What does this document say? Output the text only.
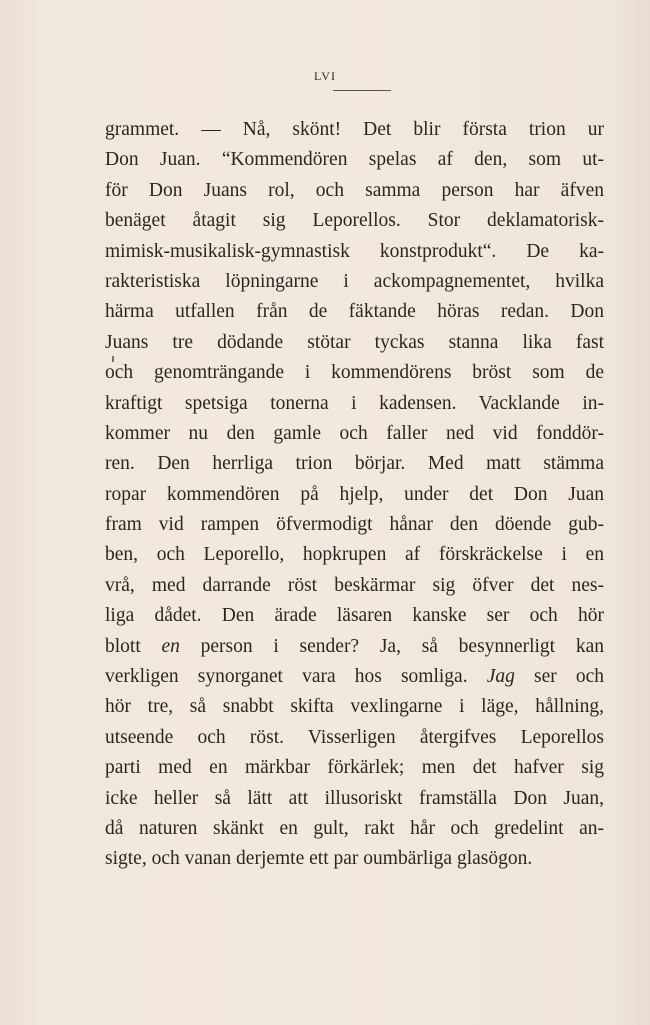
LVI
grammet. — Nå, skönt! Det blir första trion ur
Don Juan. “Kommendören spelas af den, som ut-
för Don Juans rol, och samma person har äfven
benäget åtagit sig Leporellos. Stor deklamatorisk-
mimisk-musikalisk-gymnastisk konstprodukt“. De ka-
rakteristiska löpningarne i ackompagnementet, hvilka
härma utfallen från de fäktande höras redan. Don
Juans tre dödande stötar tyckas stanna lika fast
och genomträngande i kommendörens bröst som de
kraftigt spetsiga tonerna i kadensen. Vacklande in-
kommer nu den gamle och faller ned vid fonddör-
ren. Den herrliga trion börjar. Med matt stämma
ropar kommendören på hjelp, under det Don Juan
fram vid rampen öfvermodigt hånar den döende gub-
ben, och Leporello, hopkrupen af förskräckelse i en
vrå, med darrande röst beskärmar sig öfver det nes-
liga dådet. Den ärade läsaren kanske ser och hör
blott en person i sender? Ja, så besynnerligt kan
verkligen synorganet vara hos somliga. Jag ser och
hör tre, så snabbt skifta vexlingarne i läge, hållning,
utseende och röst. Visserligen återgifves Leporellos
parti med en märkbar förkärlek; men det hafver sig
icke heller så lätt att illusoriskt framställa Don Juan,
då naturen skänkt en gult, rakt hår och gredelint an-
sigte, och vanan derjemte ett par oumbärliga glasögon.
